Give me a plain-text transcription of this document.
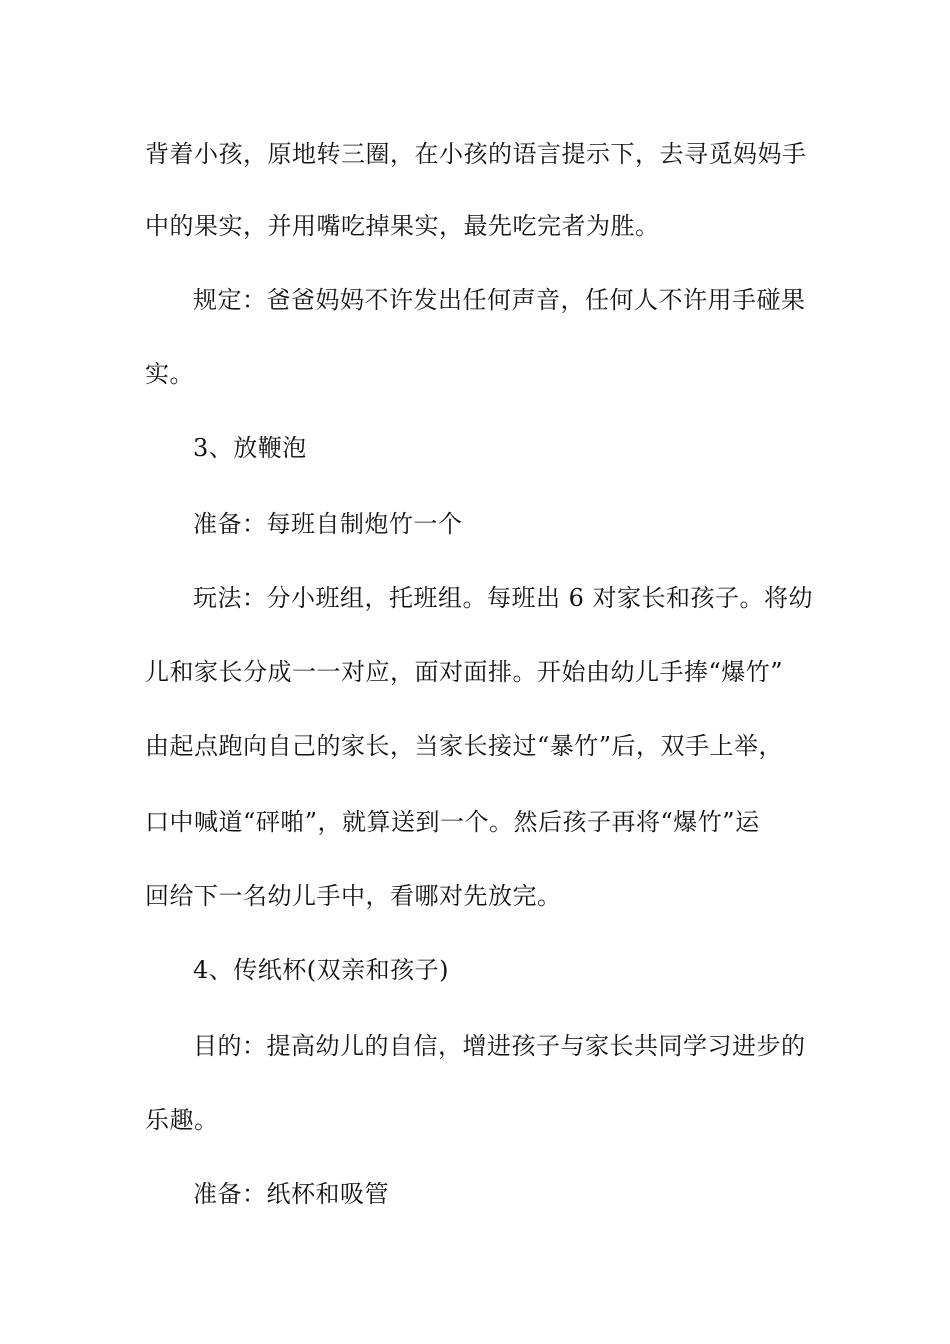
背着小孩，原地转三圈，在小孩的语言提示下，去寻觅妈妈手
中的果实，并用嘴吃掉果实，最先吃完者为胜。
规定：爸爸妈妈不许发出任何声音，任何人不许用手碰果
实。
3、放鞭泡
准备：每班自制炮竹一个
玩法：分小班组，托班组。每班出 6 对家长和孩子。将幼
儿和家长分成一一对应，面对面排。开始由幼儿手捧“爆竹”
由起点跑向自己的家长，当家长接过“暴竹”后，双手上举，
口中喊道“砰啪”，就算送到一个。然后孩子再将“爆竹”运
回给下一名幼儿手中，看哪对先放完。
4、传纸杯(双亲和孩子)
目的：提高幼儿的自信，增进孩子与家长共同学习进步的
乐趣。
准备：纸杯和吸管
